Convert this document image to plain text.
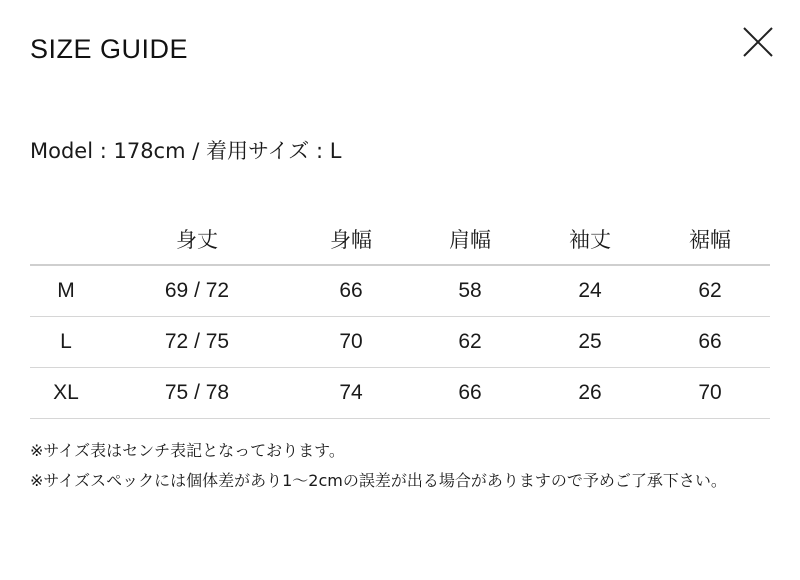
SIZE GUIDE
Model : 178cm / 着用サイズ : L
	身丈	身幅	肩幅	袖丈	裾幅
M	69 / 72	66	58	24	62
L	72 / 75	70	62	25	66
XL	75 / 78	74	66	26	70

※サイズ表はセンチ表記となっております。

※サイズスペックには個体差があり1～2cmの誤差が出る場合がありますので予めご了承下さい。
